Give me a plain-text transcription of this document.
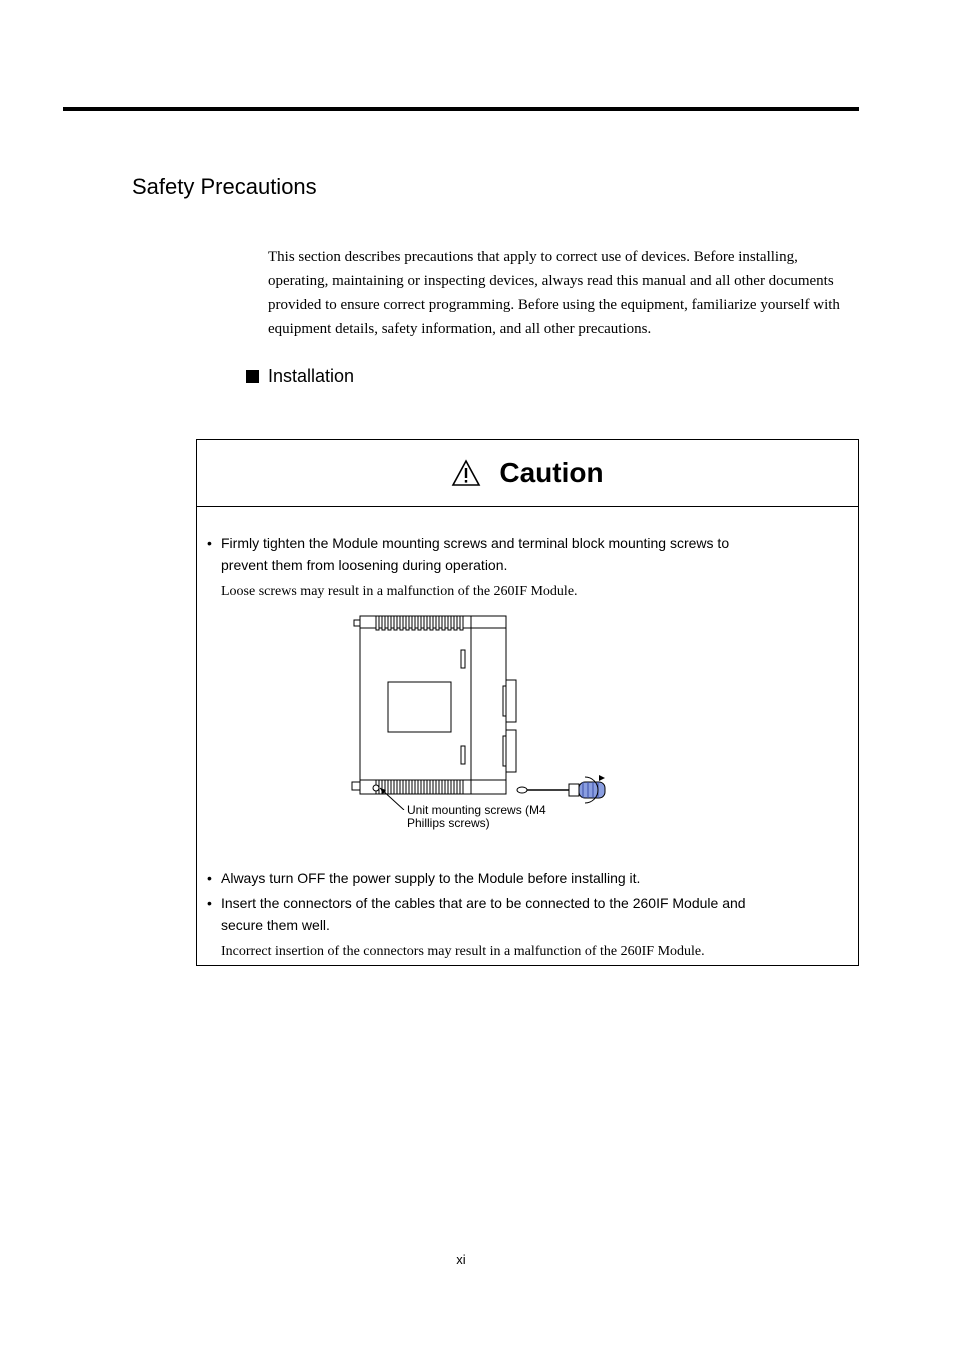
Safety Precautions

This section describes precautions that apply to correct use of devices. Before installing, operating, maintaining or inspecting devices, always read this manual and all other documents provided to ensure correct programming. Before using the equipment, familiarize yourself with equipment details, safety information, and all other precautions.

Installation
Caution
• Firmly tighten the Module mounting screws and terminal block mounting screws to prevent them from loosening during operation.
Loose screws may result in a malfunction of the 260IF Module.
Unit mounting screws (M4
Phillips screws)
• Always turn OFF the power supply to the Module before installing it.
• Insert the connectors of the cables that are to be connected to the 260IF Module and secure them well.
Incorrect insertion of the connectors may result in a malfunction of the 260IF Module.
xi
